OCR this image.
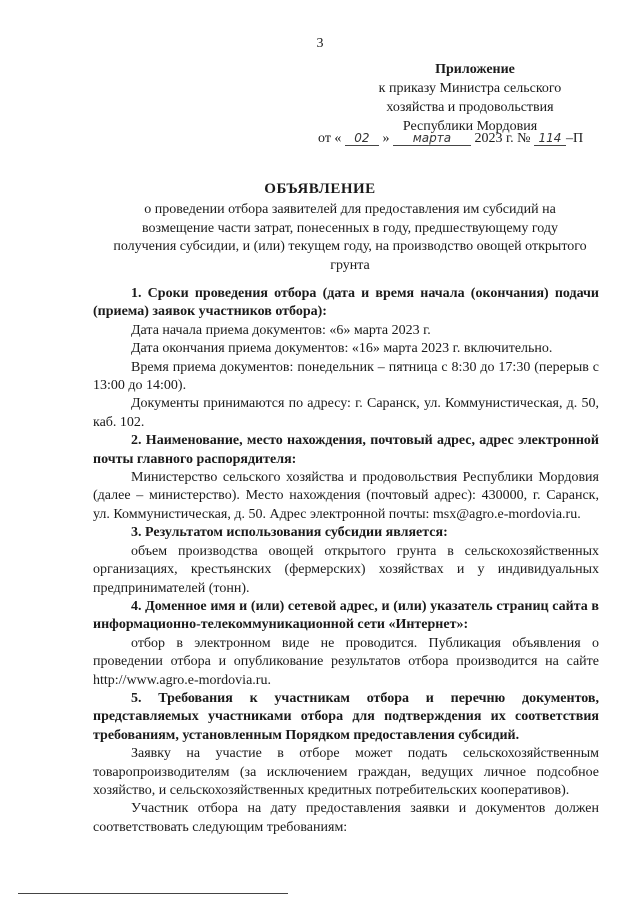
3
Приложение
к приказу Министра сельского
хозяйства и продовольствия
Республики Мордовия
от « 02 » марта 2023 г. № 114 –П
ОБЪЯВЛЕНИЕ
о проведении отбора заявителей для предоставления им субсидий на возмещение части затрат, понесенных в году, предшествующему году получения субсидии, и (или) текущем году, на производство овощей открытого грунта

1. Сроки проведения отбора (дата и время начала (окончания) подачи (приема) заявок участников отбора):

Дата начала приема документов: «6» марта 2023 г.

Дата окончания приема документов: «16» марта 2023 г. включительно.

Время приема документов: понедельник – пятница с 8:30 до 17:30 (перерыв с 13:00 до 14:00).

Документы принимаются по адресу: г. Саранск, ул. Коммунистическая, д. 50, каб. 102.

2. Наименование, место нахождения, почтовый адрес, адрес электронной почты главного распорядителя:

Министерство сельского хозяйства и продовольствия Республики Мордовия (далее – министерство). Место нахождения (почтовый адрес): 430000, г. Саранск, ул. Коммунистическая, д. 50. Адрес электронной почты: msx@agro.e-mordovia.ru.

3. Результатом использования субсидии является:

объем производства овощей открытого грунта в сельскохозяйственных организациях, крестьянских (фермерских) хозяйствах и у индивидуальных предпринимателей (тонн).

4. Доменное имя и (или) сетевой адрес, и (или) указатель страниц сайта в информационно-телекоммуникационной сети «Интернет»:

отбор в электронном виде не проводится. Публикация объявления о проведении отбора и опубликование результатов отбора производится на сайте http://www.agro.e-mordovia.ru.

5. Требования к участникам отбора и перечню документов, представляемых участниками отбора для подтверждения их соответствия требованиям, установленным Порядком предоставления субсидий.

Заявку на участие в отборе может подать сельскохозяйственным товаропроизводителям (за исключением граждан, ведущих личное подсобное хозяйство, и сельскохозяйственных кредитных потребительских кооперативов).

Участник отбора на дату предоставления заявки и документов должен соответствовать следующим требованиям:
